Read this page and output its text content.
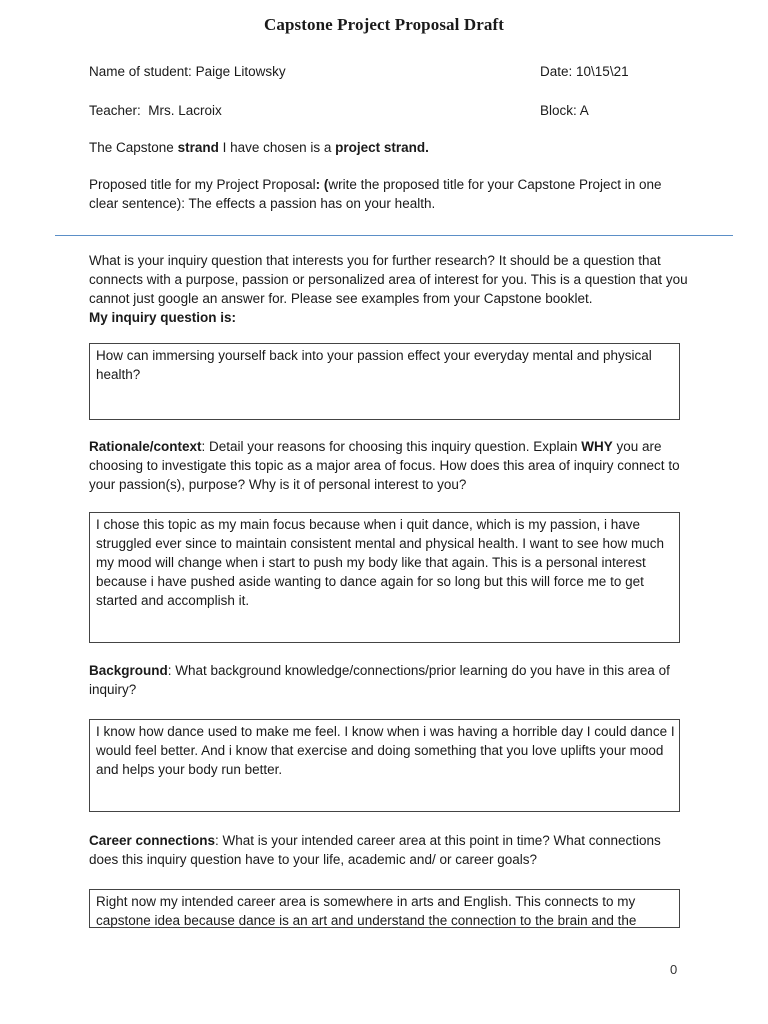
Capstone Project Proposal Draft
Name of student: Paige Litowsky	Date: 10\15\21
Teacher:  Mrs. Lacroix	Block: A
The Capstone strand I have chosen is a project strand.
Proposed title for my Project Proposal: (write the proposed title for your Capstone Project in one clear sentence): The effects a passion has on your health.
What is your inquiry question that interests you for further research? It should be a question that connects with a purpose, passion or personalized area of interest for you. This is a question that you cannot just google an answer for. Please see examples from your Capstone booklet.
My inquiry question is:
How can immersing yourself back into your passion effect your everyday mental and physical health?
Rationale/context: Detail your reasons for choosing this inquiry question. Explain WHY you are choosing to investigate this topic as a major area of focus. How does this area of inquiry connect to your passion(s), purpose? Why is it of personal interest to you?
I chose this topic as my main focus because when i quit dance, which is my passion, i have struggled ever since to maintain consistent mental and physical health. I want to see how much my mood will change when i start to push my body like that again. This is a personal interest because i have pushed aside wanting to dance again for so long but this will force me to get started and accomplish it.
Background: What background knowledge/connections/prior learning do you have in this area of inquiry?
I know how dance used to make me feel. I know when i was having a horrible day I could dance I would feel better. And i know that exercise and doing something that you love uplifts your mood and helps your body run better.
Career connections: What is your intended career area at this point in time? What connections does this inquiry question have to your life, academic and/ or career goals?
Right now my intended career area is somewhere in arts and English. This connects to my capstone idea because dance is an art and understand the connection to the brain and the
0
